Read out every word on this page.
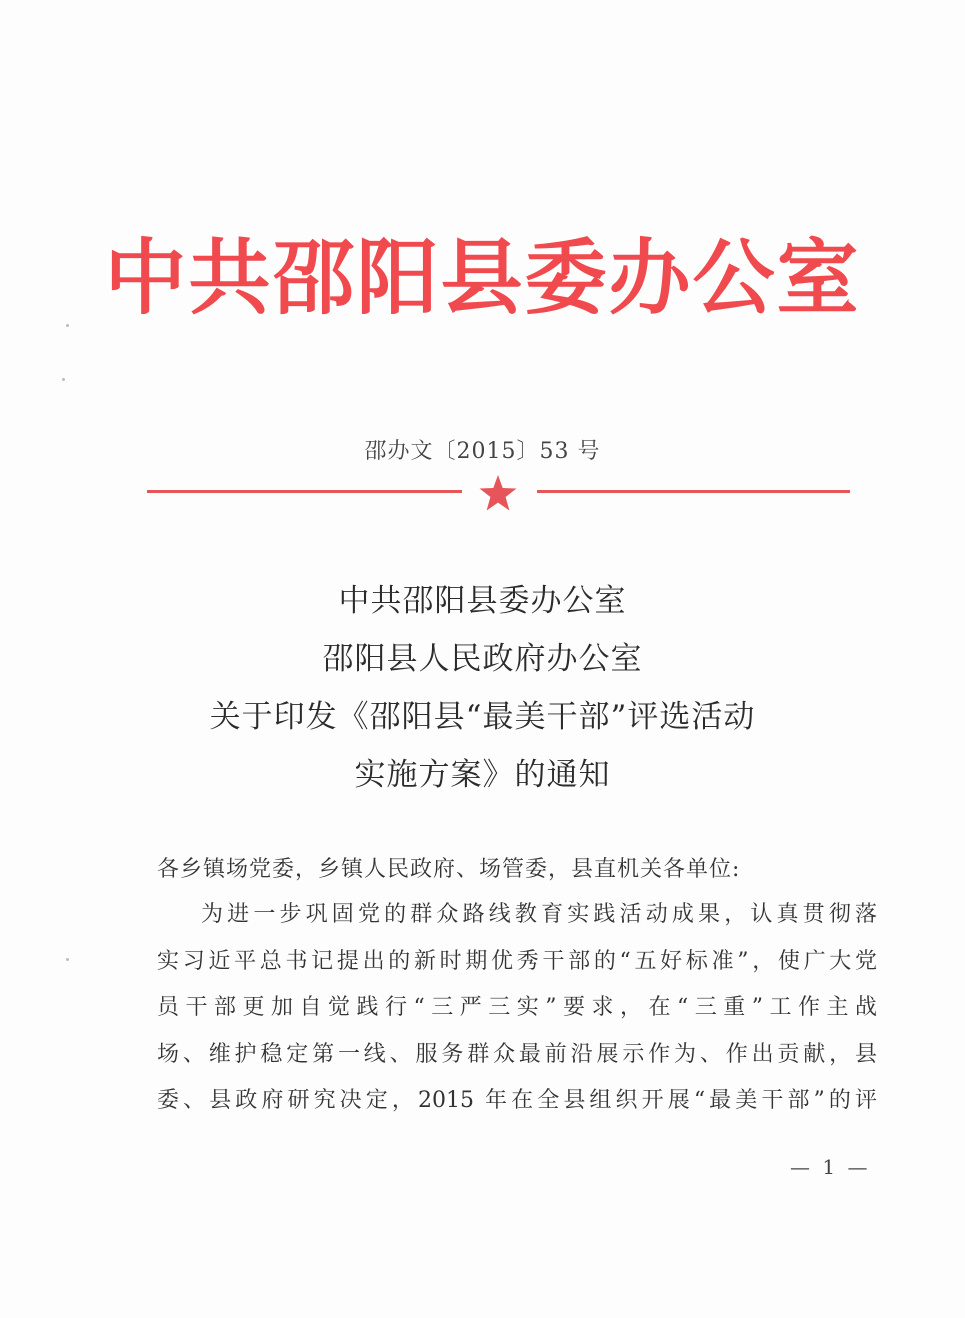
中共邵阳县委办公室
邵办文〔2015〕53 号
中共邵阳县委办公室
邵阳县人民政府办公室
关于印发《邵阳县“最美干部”评选活动
实施方案》的通知
各乡镇场党委，乡镇人民政府、场管委，县直机关各单位:
为进一步巩固党的群众路线教育实践活动成果，认真贯彻落
实习近平总书记提出的新时期优秀干部的“五好标准”，使广大党
员干部更加自觉践行“三严三实”要求，在“三重”工作主战
场、维护稳定第一线、服务群众最前沿展示作为、作出贡献，县
委、县政府研究决定，2015 年在全县组织开展“最美干部”的评
— 1 —
